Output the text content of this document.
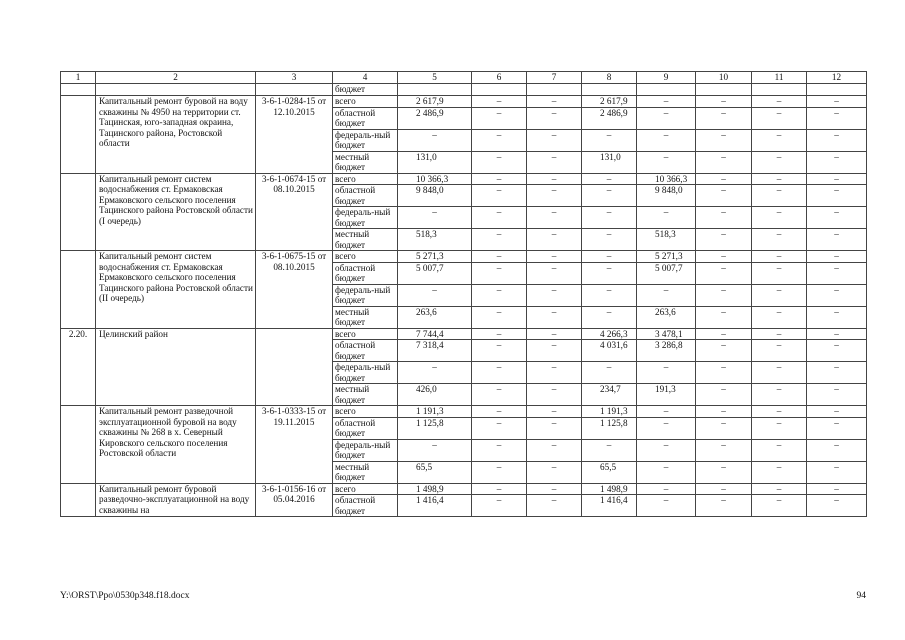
1	2	3	4	5	6	7	8	9	10	11	12
			бюджет								
	Капитальный ремонт буровой на воду скважины № 4950 на территории ст. Тацинская, юго-западная окраина, Тацинского района, Ростовской области	3-6-1-0284-15 от 12.10.2015	всего	2 617,9	–	–	2 617,9	–	–	–	–
			областной бюджет	2 486,9	–	–	2 486,9	–	–	–	–
			федераль-ный бюджет	–	–	–	–	–	–	–	–
			местный бюджет	131,0	–	–	131,0	–	–	–	–
	Капитальный ремонт систем водоснабжения ст. Ермаковская Ермаковского сельского поселения Тацинского района Ростовской области (I очередь)	3-6-1-0674-15 от 08.10.2015	всего	10 366,3	–	–	–	10 366,3	–	–	–
			областной бюджет	9 848,0	–	–	–	9 848,0	–	–	–
			федераль-ный бюджет	–	–	–	–	–	–	–	–
			местный бюджет	518,3	–	–	–	518,3	–	–	–
	Капитальный ремонт систем водоснабжения ст. Ермаковская Ермаковского сельского поселения Тацинского района Ростовской области (II очередь)	3-6-1-0675-15 от 08.10.2015	всего	5 271,3	–	–	–	5 271,3	–	–	–
			областной бюджет	5 007,7	–	–	–	5 007,7	–	–	–
			федераль-ный бюджет	–	–	–	–	–	–	–	–
			местный бюджет	263,6	–	–	–	263,6	–	–	–
2.20.	Целинский район		всего	7 744,4	–	–	4 266,3	3 478,1	–	–	–
			областной бюджет	7 318,4	–	–	4 031,6	3 286,8	–	–	–
			федераль-ный бюджет	–	–	–	–	–	–	–	–
			местный бюджет	426,0	–	–	234,7	191,3	–	–	–
	Капитальный ремонт разведочной эксплуатационной буровой на воду скважины № 268 в х. Северный Кировского сельского поселения Ростовской области	3-6-1-0333-15 от 19.11.2015	всего	1 191,3	–	–	1 191,3	–	–	–	–
			областной бюджет	1 125,8	–	–	1 125,8	–	–	–	–
			федераль-ный бюджет	–	–	–	–	–	–	–	–
			местный бюджет	65,5	–	–	65,5	–	–	–	–
	Капитальный ремонт буровой разведочно-эксплуатационной на воду скважины на	3-6-1-0156-16 от 05.04.2016	всего	1 498,9	–	–	1 498,9	–	–	–	–
			областной бюджет	1 416,4	–	–	1 416,4	–	–	–	–
Y:\ORST\Ppo\0530p348.f18.docx	94
